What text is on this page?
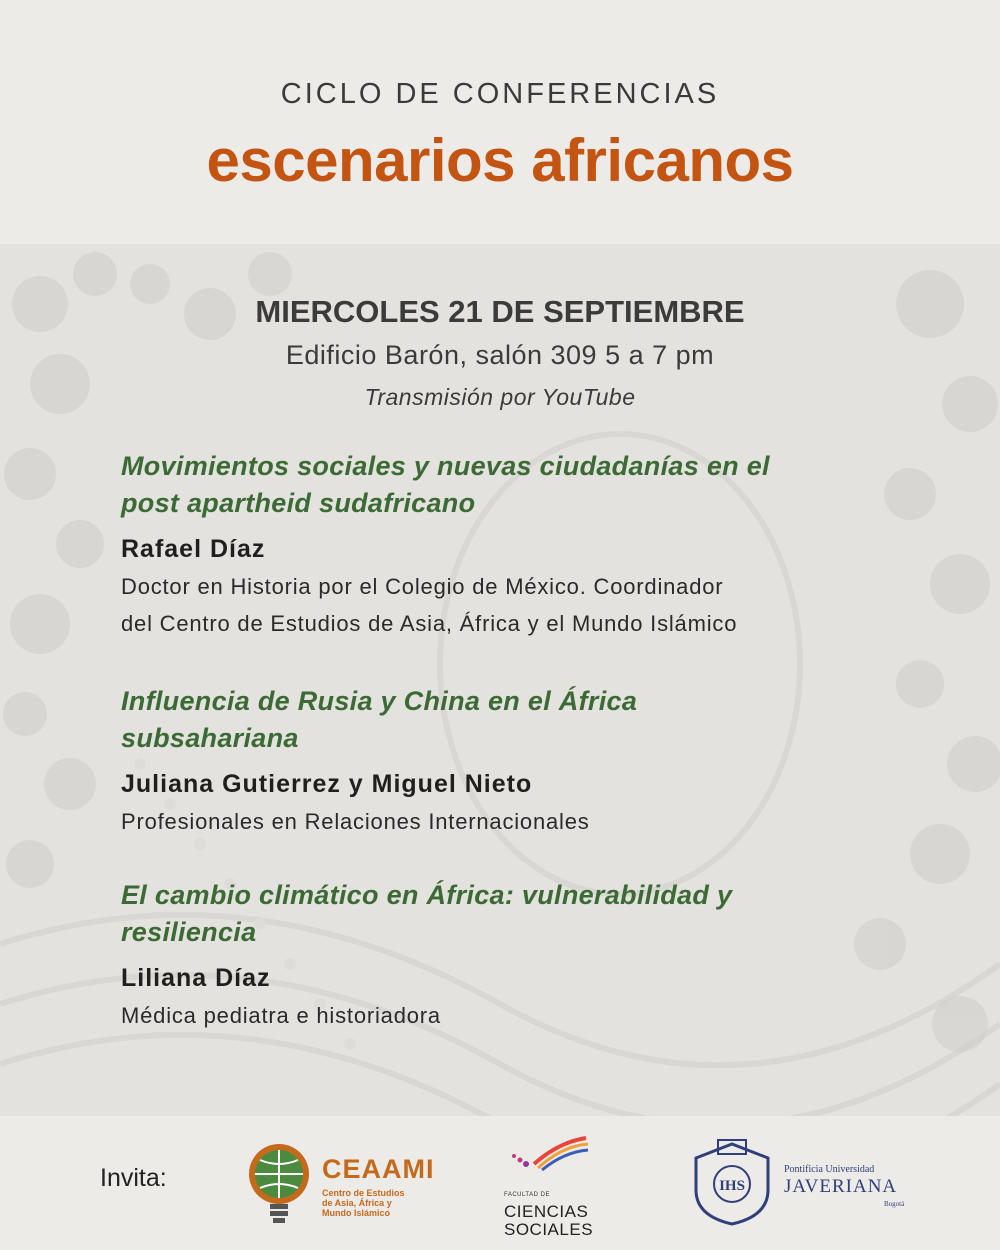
CICLO DE CONFERENCIAS
escenarios africanos
MIERCOLES 21 DE SEPTIEMBRE
Edificio Barón, salón 309 5 a 7 pm
Transmisión por YouTube
Movimientos sociales y nuevas ciudadanías en el
post apartheid sudafricano
Rafael Díaz
Doctor en Historia por el Colegio de México. Coordinador
del Centro de Estudios de Asia, África y el Mundo Islámico
Influencia de Rusia y China en el África
subsahariana
Juliana Gutierrez y Miguel Nieto
Profesionales en Relaciones Internacionales
El cambio climático en África: vulnerabilidad y
resiliencia
Liliana Díaz
Médica pediatra e historiadora
Invita:	CEAAMI
Centro de Estudios
de Asia, África y
Mundo Islámico
FACULTAD DE
CIENCIAS
SOCIALES
IHS
Pontificia Universidad
JAVERIANA
Bogotá
